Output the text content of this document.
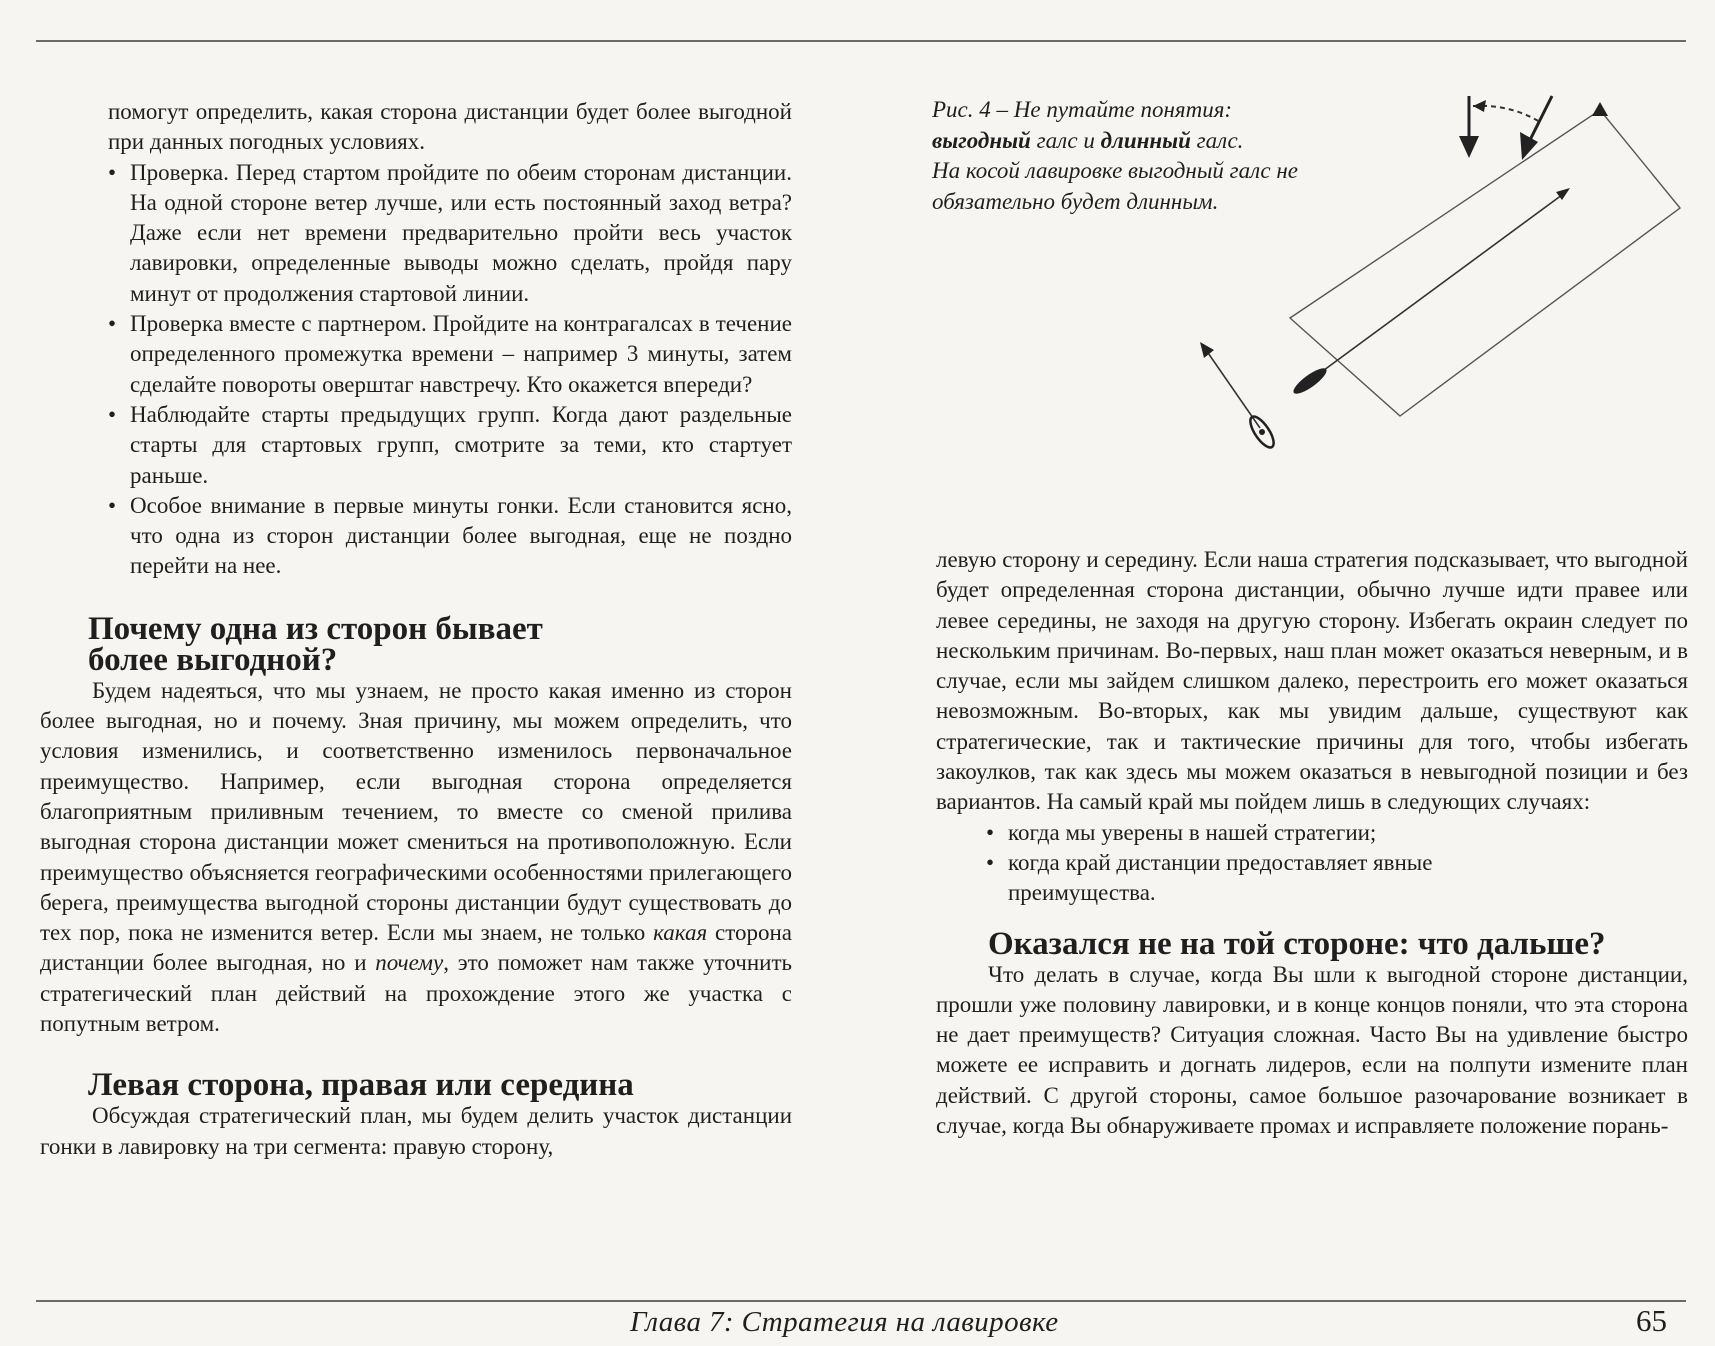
помогут определить, какая сторона дистанции будет более выгодной при данных погодных условиях.

• Проверка. Перед стартом пройдите по обеим сторонам дистанции. На одной стороне ветер лучше, или есть постоянный заход ветра? Даже если нет времени предварительно пройти весь участок лавировки, определенные выводы можно сделать, пройдя пару минут от продолжения стартовой линии.
• Проверка вместе с партнером. Пройдите на контрагалсах в течение определенного промежутка времени – например 3 минуты, затем сделайте повороты оверштаг навстречу. Кто окажется впереди?
• Наблюдайте старты предыдущих групп. Когда дают раздельные старты для стартовых групп, смотрите за теми, кто стартует раньше.
• Особое внимание в первые минуты гонки. Если становится ясно, что одна из сторон дистанции более выгодная, еще не поздно перейти на нее.
Почему одна из сторон бывает
более выгодной?

Будем надеяться, что мы узнаем, не просто какая именно из сторон более выгодная, но и почему. Зная причину, мы можем определить, что условия изменились, и соответственно изменилось первоначальное преимущество. Например, если выгодная сторона определяется благоприятным приливным течением, то вместе со сменой прилива выгодная сторона дистанции может смениться на противоположную. Если преимущество объясняется географическими особенностями прилегающего берега, преимущества выгодной стороны дистанции будут существовать до тех пор, пока не изменится ветер. Если мы знаем, не только какая сторона дистанции более выгодная, но и почему, это поможет нам также уточнить стратегический план действий на прохождение этого же участка с попутным ветром.

Левая сторона, правая или середина

Обсуждая стратегический план, мы будем делить участок дистанции гонки в лавировку на три сегмента: правую сторону,

Рис. 4 – Не путайте понятия:
выгодный галс и длинный галс.
На косой лавировке выгодный галс не обязательно будет длинным.

левую сторону и середину. Если наша стратегия подсказывает, что выгодной будет определенная сторона дистанции, обычно лучше идти правее или левее середины, не заходя на другую сторону. Избегать окраин следует по нескольким причинам. Во-первых, наш план может оказаться неверным, и в случае, если мы зайдем слишком далеко, перестроить его может оказаться невозможным. Во-вторых, как мы увидим дальше, существуют как стратегические, так и тактические причины для того, чтобы избегать закоулков, так как здесь мы можем оказаться в невыгодной позиции и без вариантов. На самый край мы пойдем лишь в следующих случаях:

• когда мы уверены в нашей стратегии;
• когда край дистанции предоставляет явные преимущества.
Оказался не на той стороне: что дальше?

Что делать в случае, когда Вы шли к выгодной стороне дистанции, прошли уже половину лавировки, и в конце концов поняли, что эта сторона не дает преимуществ? Ситуация сложная. Часто Вы на удивление быстро можете ее исправить и догнать лидеров, если на полпути измените план действий. С другой стороны, самое большое разочарование возникает в случае, когда Вы обнаруживаете промах и исправляете положение порань-

Глава 7: Стратегия на лавировке	65
